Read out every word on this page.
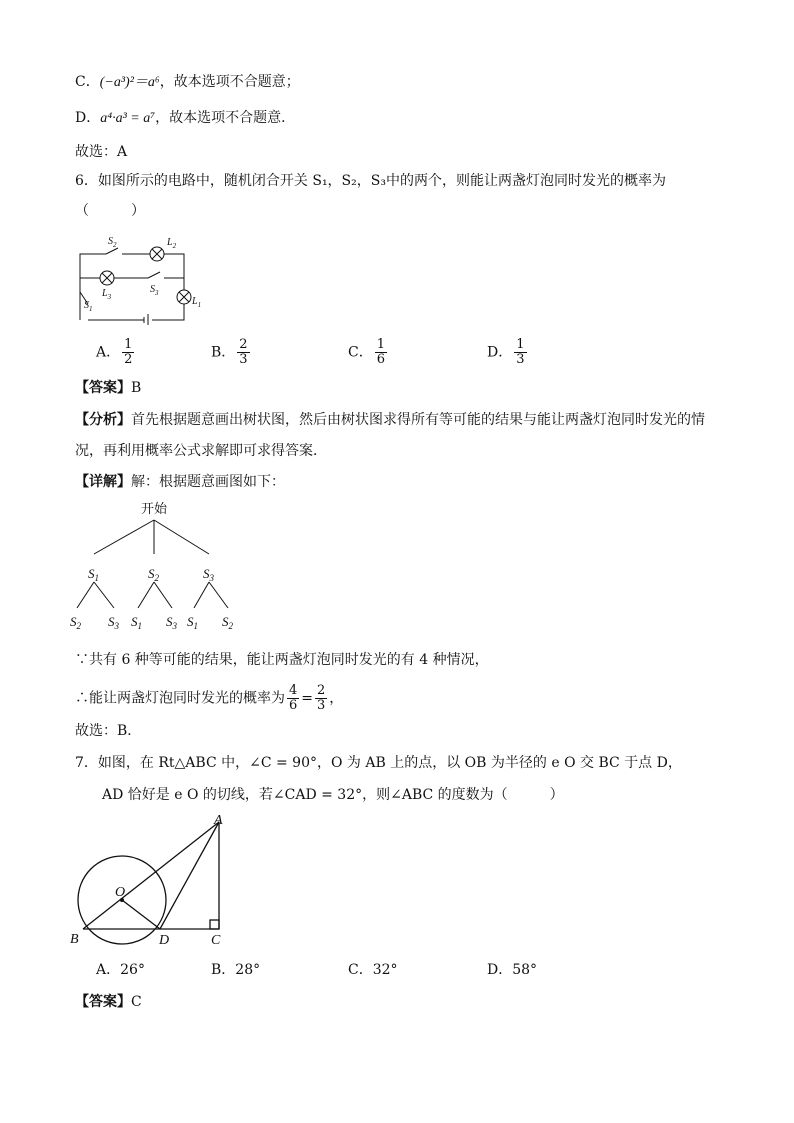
C．(−a³)²＝a⁶，故本选项不合题意；
D．a⁴·a³ = a⁷，故本选项不合题意．
故选：A
6．如图所示的电路中，随机闭合开关 S₁，S₂，S₃中的两个，则能让两盏灯泡同时发光的概率为
（　　　）
$S_2$	$L_2$
$L_3$
$S_3$
$S_1$
$L_1$
A． $\frac{1}{2}$	B． $\frac{2}{3}$	C． $\frac{1}{6}$	D． $\frac{1}{3}$
【答案】B
【分析】首先根据题意画出树状图，然后由树状图求得所有等可能的结果与能让两盏灯泡同时发光的情
况，再利用概率公式求解即可求得答案．
【详解】解：根据题意画图如下：
开始
$S_1$	$S_2$	$S_3$
$S_2$ $S_3$ $S_1$ $S_3$ $S_1$ $S_2$
∵共有 6 种等可能的结果，能让两盏灯泡同时发光的有 4 种情况，
∴能让两盏灯泡同时发光的概率为 $\frac{4}{6} = \frac{2}{3}$ ，
故选：B．
7．如图，在 Rt△ABC 中，∠C = 90°，O 为 AB 上的点，以 OB 为半径的 e O 交 BC 于点 D，
AD 恰好是 e O 的切线，若∠CAD = 32°，则∠ABC 的度数为（　　　）
A
B	C
D
O
A．26°	B．28°	C．32°	D．58°
【答案】C
